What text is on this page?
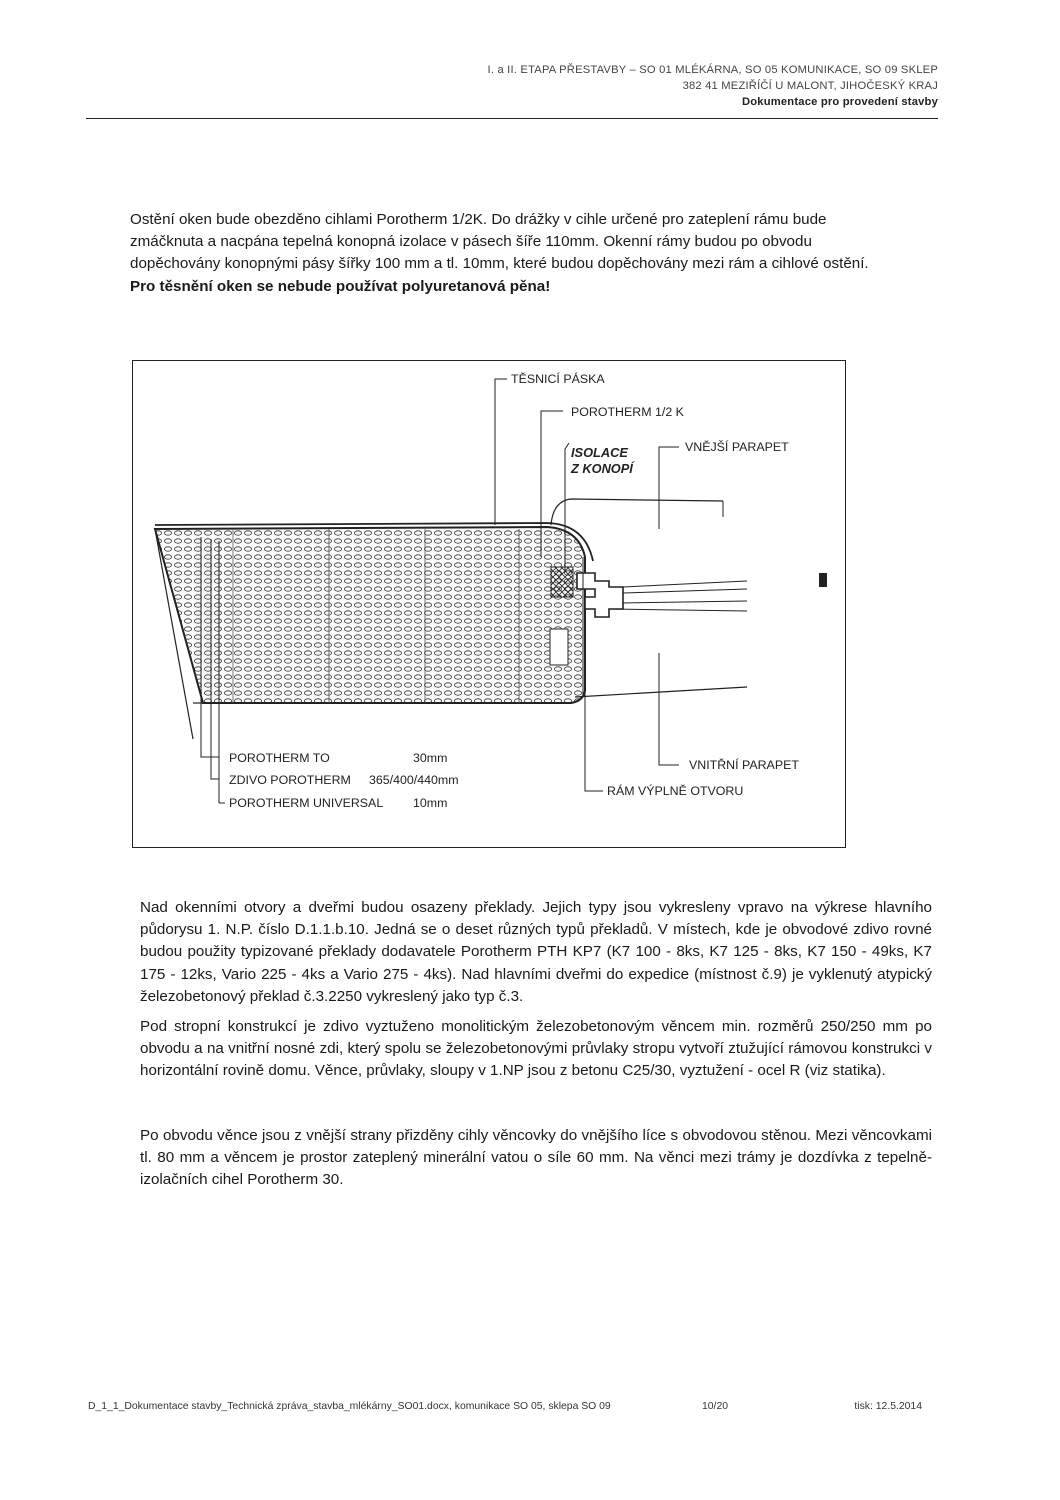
I. a II. ETAPA PŘESTAVBY – SO 01 MLÉKÁRNA, SO 05 KOMUNIKACE, SO 09 SKLEP
382 41 MEZIŘÍČÍ U MALONT, JIHOČESKÝ KRAJ
Dokumentace pro provedení stavby
Ostění oken bude obezděno cihlami Porotherm 1/2K. Do drážky v cihle určené pro zateplení rámu bude
zmáčknuta a nacpána tepelná konopná izolace v pásech šíře 110mm. Okenní rámy budou po obvodu
dopěchovány konopnými pásy šířky 100 mm a tl. 10mm, které budou dopěchovány mezi rám a cihlové ostění.
Pro těsnění oken se nebude používat polyuretanová pěna!
TĚSNICÍ PÁSKA
POROTHERM 1/2 K
ISOLACE
Z KONOPÍ
VNĚJŠÍ PARAPET
VNITŘNÍ PARAPET
RÁM VÝPLNĚ OTVORU
POROTHERM TO	30mm
ZDIVO POROTHERM 365/400/440mm
POROTHERM UNIVERSAL 10mm

Nad okenními otvory a dveřmi budou osazeny překlady. Jejich typy jsou vykresleny vpravo na výkrese hlavního půdorysu 1. N.P. číslo D.1.1.b.10. Jedná se o deset různých typů překladů. V místech, kde je obvodové zdivo rovné budou použity typizované překlady dodavatele Porotherm PTH KP7 (K7 100 - 8ks, K7 125 - 8ks, K7 150 - 49ks, K7 175 - 12ks, Vario 225 - 4ks a Vario 275 - 4ks). Nad hlavními dveřmi do expedice (místnost č.9) je vyklenutý atypický železobetonový překlad č.3.2250 vykreslený jako typ č.3.

Pod stropní konstrukcí je zdivo vyztuženo monolitickým železobetonovým věncem min. rozměrů 250/250 mm po obvodu a na vnitřní nosné zdi, který spolu se železobetonovými průvlaky stropu vytvoří ztužující rámovou konstrukci v horizontální rovině domu. Věnce, průvlaky, sloupy v 1.NP jsou z betonu C25/30, vyztužení - ocel R (viz statika).

Po obvodu věnce jsou z vnější strany přizděny cihly věncovky do vnějšího líce s obvodovou stěnou. Mezi věncovkami tl. 80 mm a věncem je prostor zateplený minerální vatou o síle 60 mm. Na věnci mezi trámy je dozdívka z tepelně-izolačních cihel Porotherm 30.

D_1_1_Dokumentace stavby_Technická zpráva_stavba_mlékárny_SO01.docx, komunikace SO 05, sklepa SO 09	10/20	tisk: 12.5.2014
